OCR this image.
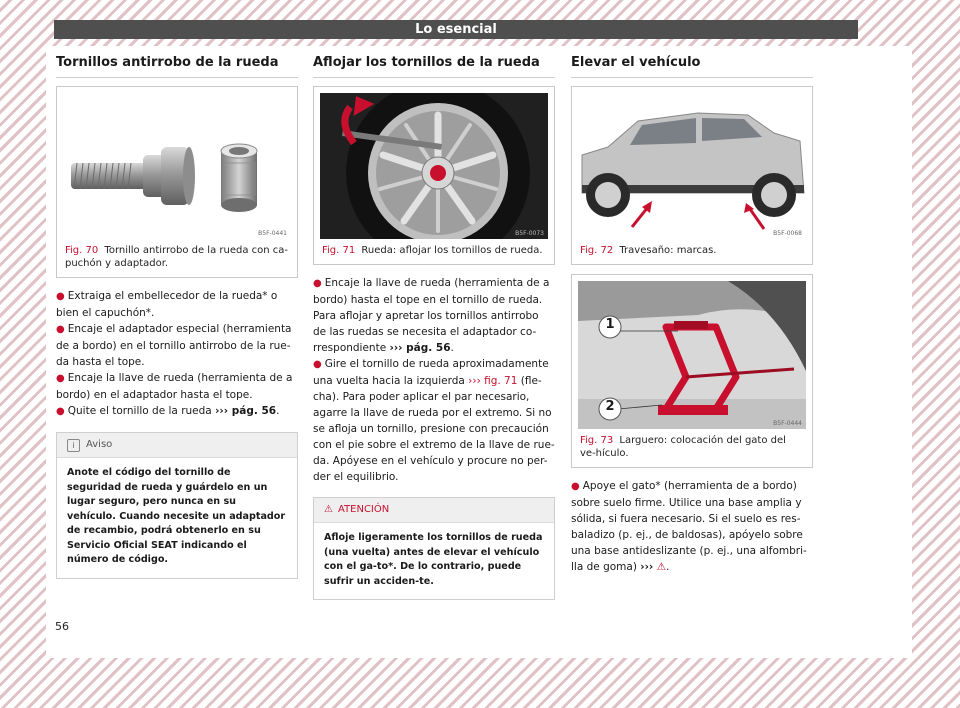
Lo esencial
Tornillos antirrobo de la rueda
B5F-0441
Fig. 70 Tornillo antirrobo de la rueda con ca-puchón y adaptador.

● Extraiga el embellecedor de la rueda* o bien el capuchón*.

● Encaje el adaptador especial (herramienta de a bordo) en el tornillo antirrobo de la rue-da hasta el tope.

● Encaje la llave de rueda (herramienta de a bordo) en el adaptador hasta el tope.

● Quite el tornillo de la rueda ››› pág. 56.

i Aviso
Anote el código del tornillo de seguridad de rueda y guárdelo en un lugar seguro, pero nunca en su vehículo. Cuando necesite un adaptador de recambio, podrá obtenerlo en su Servicio Oficial SEAT indicando el número de código.
Aflojar los tornillos de la rueda
B5F-0073
Fig. 71 Rueda: aflojar los tornillos de rueda.

● Encaje la llave de rueda (herramienta de a bordo) hasta el tope en el tornillo de rueda. Para aflojar y apretar los tornillos antirrobo de las ruedas se necesita el adaptador co-rrespondiente ››› pág. 56.

● Gire el tornillo de rueda aproximadamente una vuelta hacia la izquierda ››› fig. 71 (fle-cha). Para poder aplicar el par necesario, agarre la llave de rueda por el extremo. Si no se afloja un tornillo, presione con precaución con el pie sobre el extremo de la llave de rue-da. Apóyese en el vehículo y procure no per-der el equilibrio.

⚠ ATENCIÓN
Afloje ligeramente los tornillos de rueda (una vuelta) antes de elevar el vehículo con el ga-to*. De lo contrario, puede sufrir un acciden-te.
Elevar el vehículo
B5F-0068
Fig. 72 Travesaño: marcas.
1
2
B5F-0444
Fig. 73 Larguero: colocación del gato del ve-hículo.

● Apoye el gato* (herramienta de a bordo) sobre suelo firme. Utilice una base amplia y sólida, si fuera necesario. Si el suelo es res-baladizo (p. ej., de baldosas), apóyelo sobre una base antideslizante (p. ej., una alfombri-lla de goma) ››› ⚠.

56
